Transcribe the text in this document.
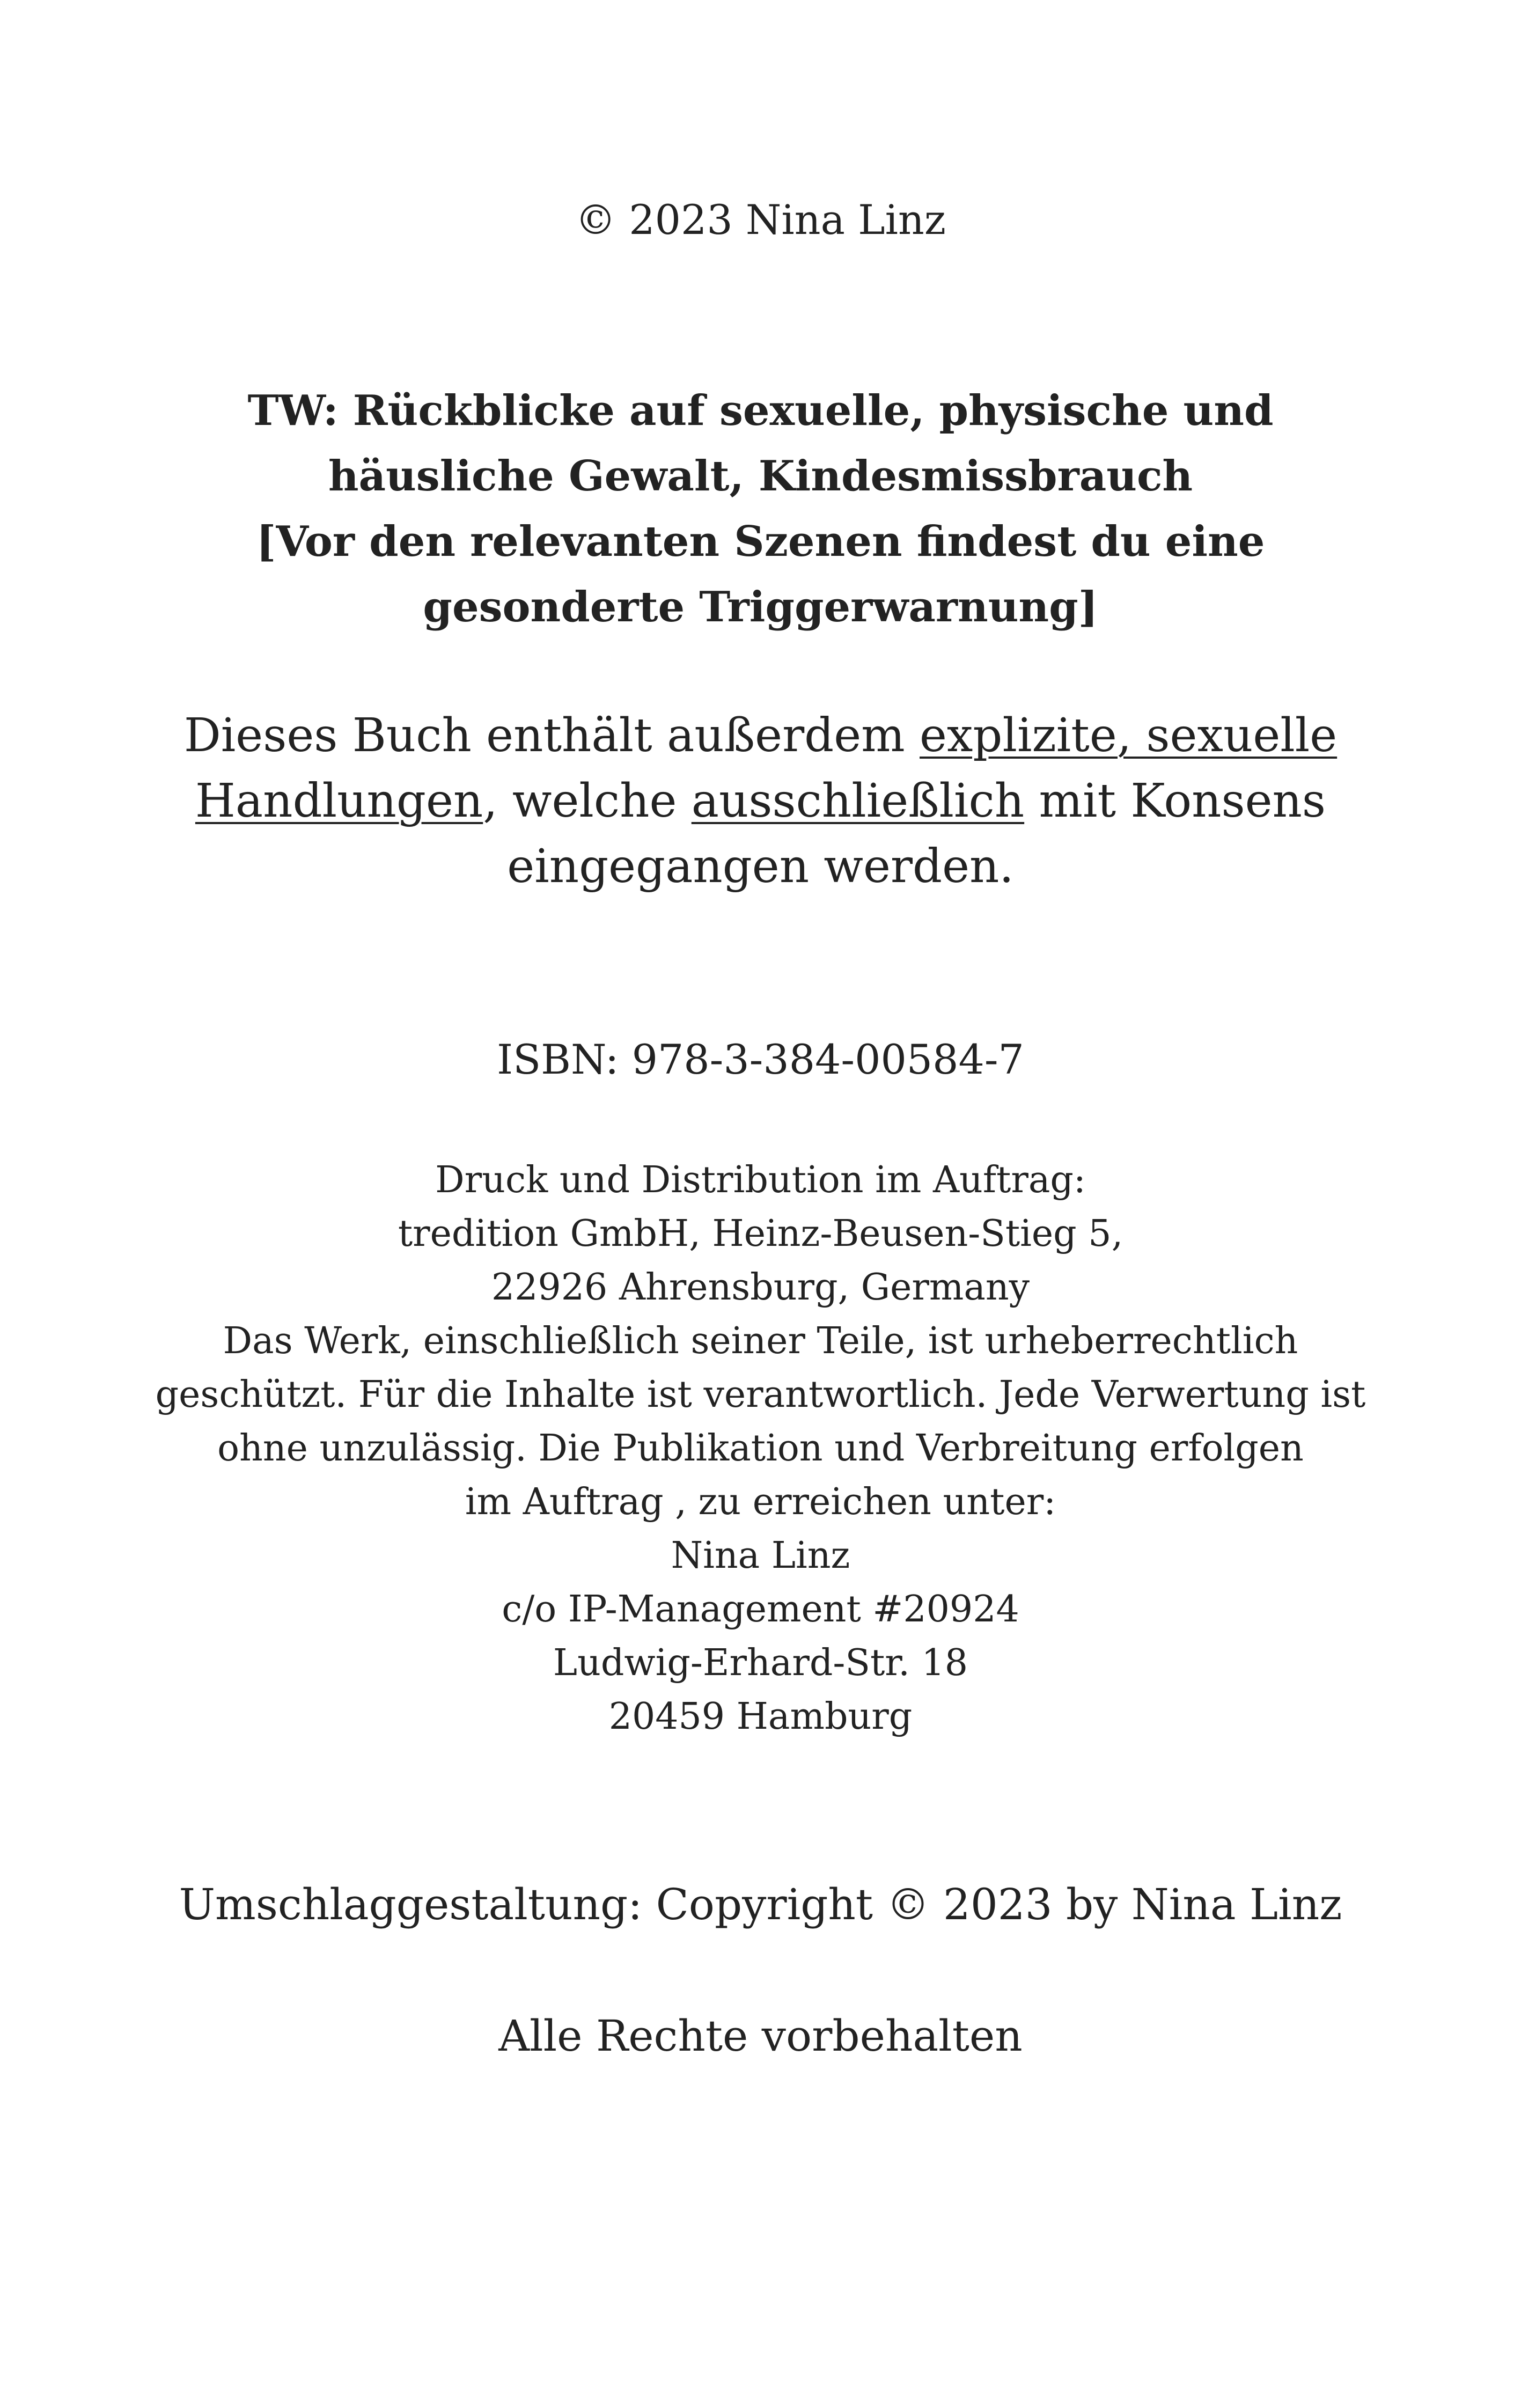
© 2023 Nina Linz
TW: Rückblicke auf sexuelle, physische und
häusliche Gewalt, Kindesmissbrauch
[Vor den relevanten Szenen findest du eine
gesonderte Triggerwarnung]
Dieses Buch enthält außerdem explizite, sexuelle
Handlungen, welche ausschließlich mit Konsens
eingegangen werden.
ISBN: 978-3-384-00584-7
Druck und Distribution im Auftrag:
tredition GmbH, Heinz-Beusen-Stieg 5,
22926 Ahrensburg, Germany
Das Werk, einschließlich seiner Teile, ist urheberrechtlich
geschützt. Für die Inhalte ist verantwortlich. Jede Verwertung ist
ohne unzulässig. Die Publikation und Verbreitung erfolgen
im Auftrag , zu erreichen unter:
Nina Linz
c/o IP-Management #20924
Ludwig-Erhard-Str. 18
20459 Hamburg
Umschlaggestaltung: Copyright © 2023 by Nina Linz
Alle Rechte vorbehalten
